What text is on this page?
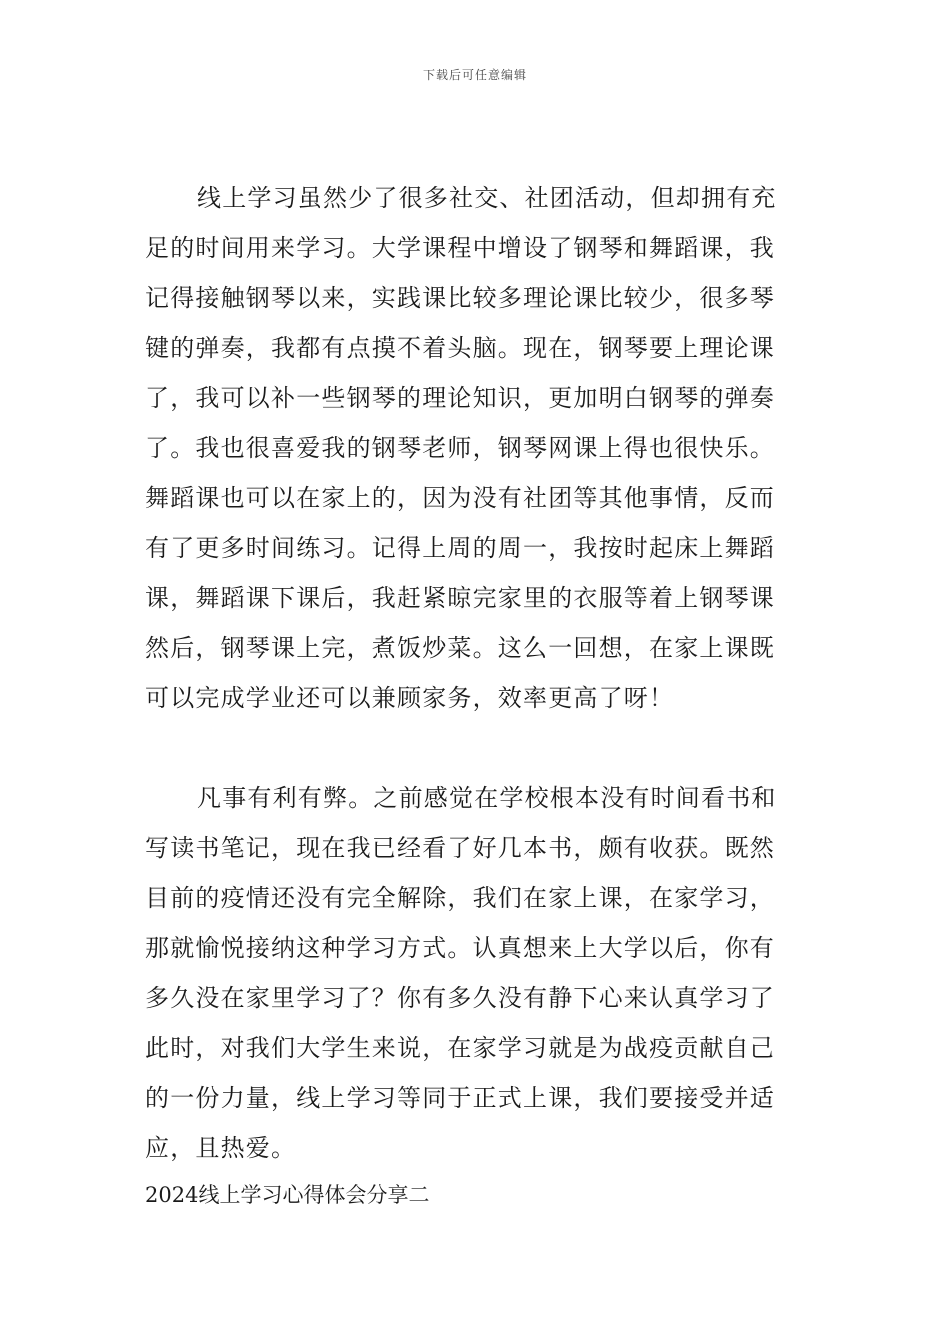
下载后可任意编辑
线上学习虽然少了很多社交、社团活动，但却拥有充
足的时间用来学习。大学课程中增设了钢琴和舞蹈课，我
记得接触钢琴以来，实践课比较多理论课比较少，很多琴
键的弹奏，我都有点摸不着头脑。现在，钢琴要上理论课
了，我可以补一些钢琴的理论知识，更加明白钢琴的弹奏
了。我也很喜爱我的钢琴老师，钢琴网课上得也很快乐。
舞蹈课也可以在家上的，因为没有社团等其他事情，反而
有了更多时间练习。记得上周的周一，我按时起床上舞蹈
课，舞蹈课下课后，我赶紧晾完家里的衣服等着上钢琴课
然后，钢琴课上完，煮饭炒菜。这么一回想，在家上课既
可以完成学业还可以兼顾家务，效率更高了呀！
凡事有利有弊。之前感觉在学校根本没有时间看书和
写读书笔记，现在我已经看了好几本书，颇有收获。既然
目前的疫情还没有完全解除，我们在家上课，在家学习，
那就愉悦接纳这种学习方式。认真想来上大学以后，你有
多久没在家里学习了？你有多久没有静下心来认真学习了
此时，对我们大学生来说，在家学习就是为战疫贡献自己
的一份力量，线上学习等同于正式上课，我们要接受并适
应，且热爱。
2024线上学习心得体会分享二
